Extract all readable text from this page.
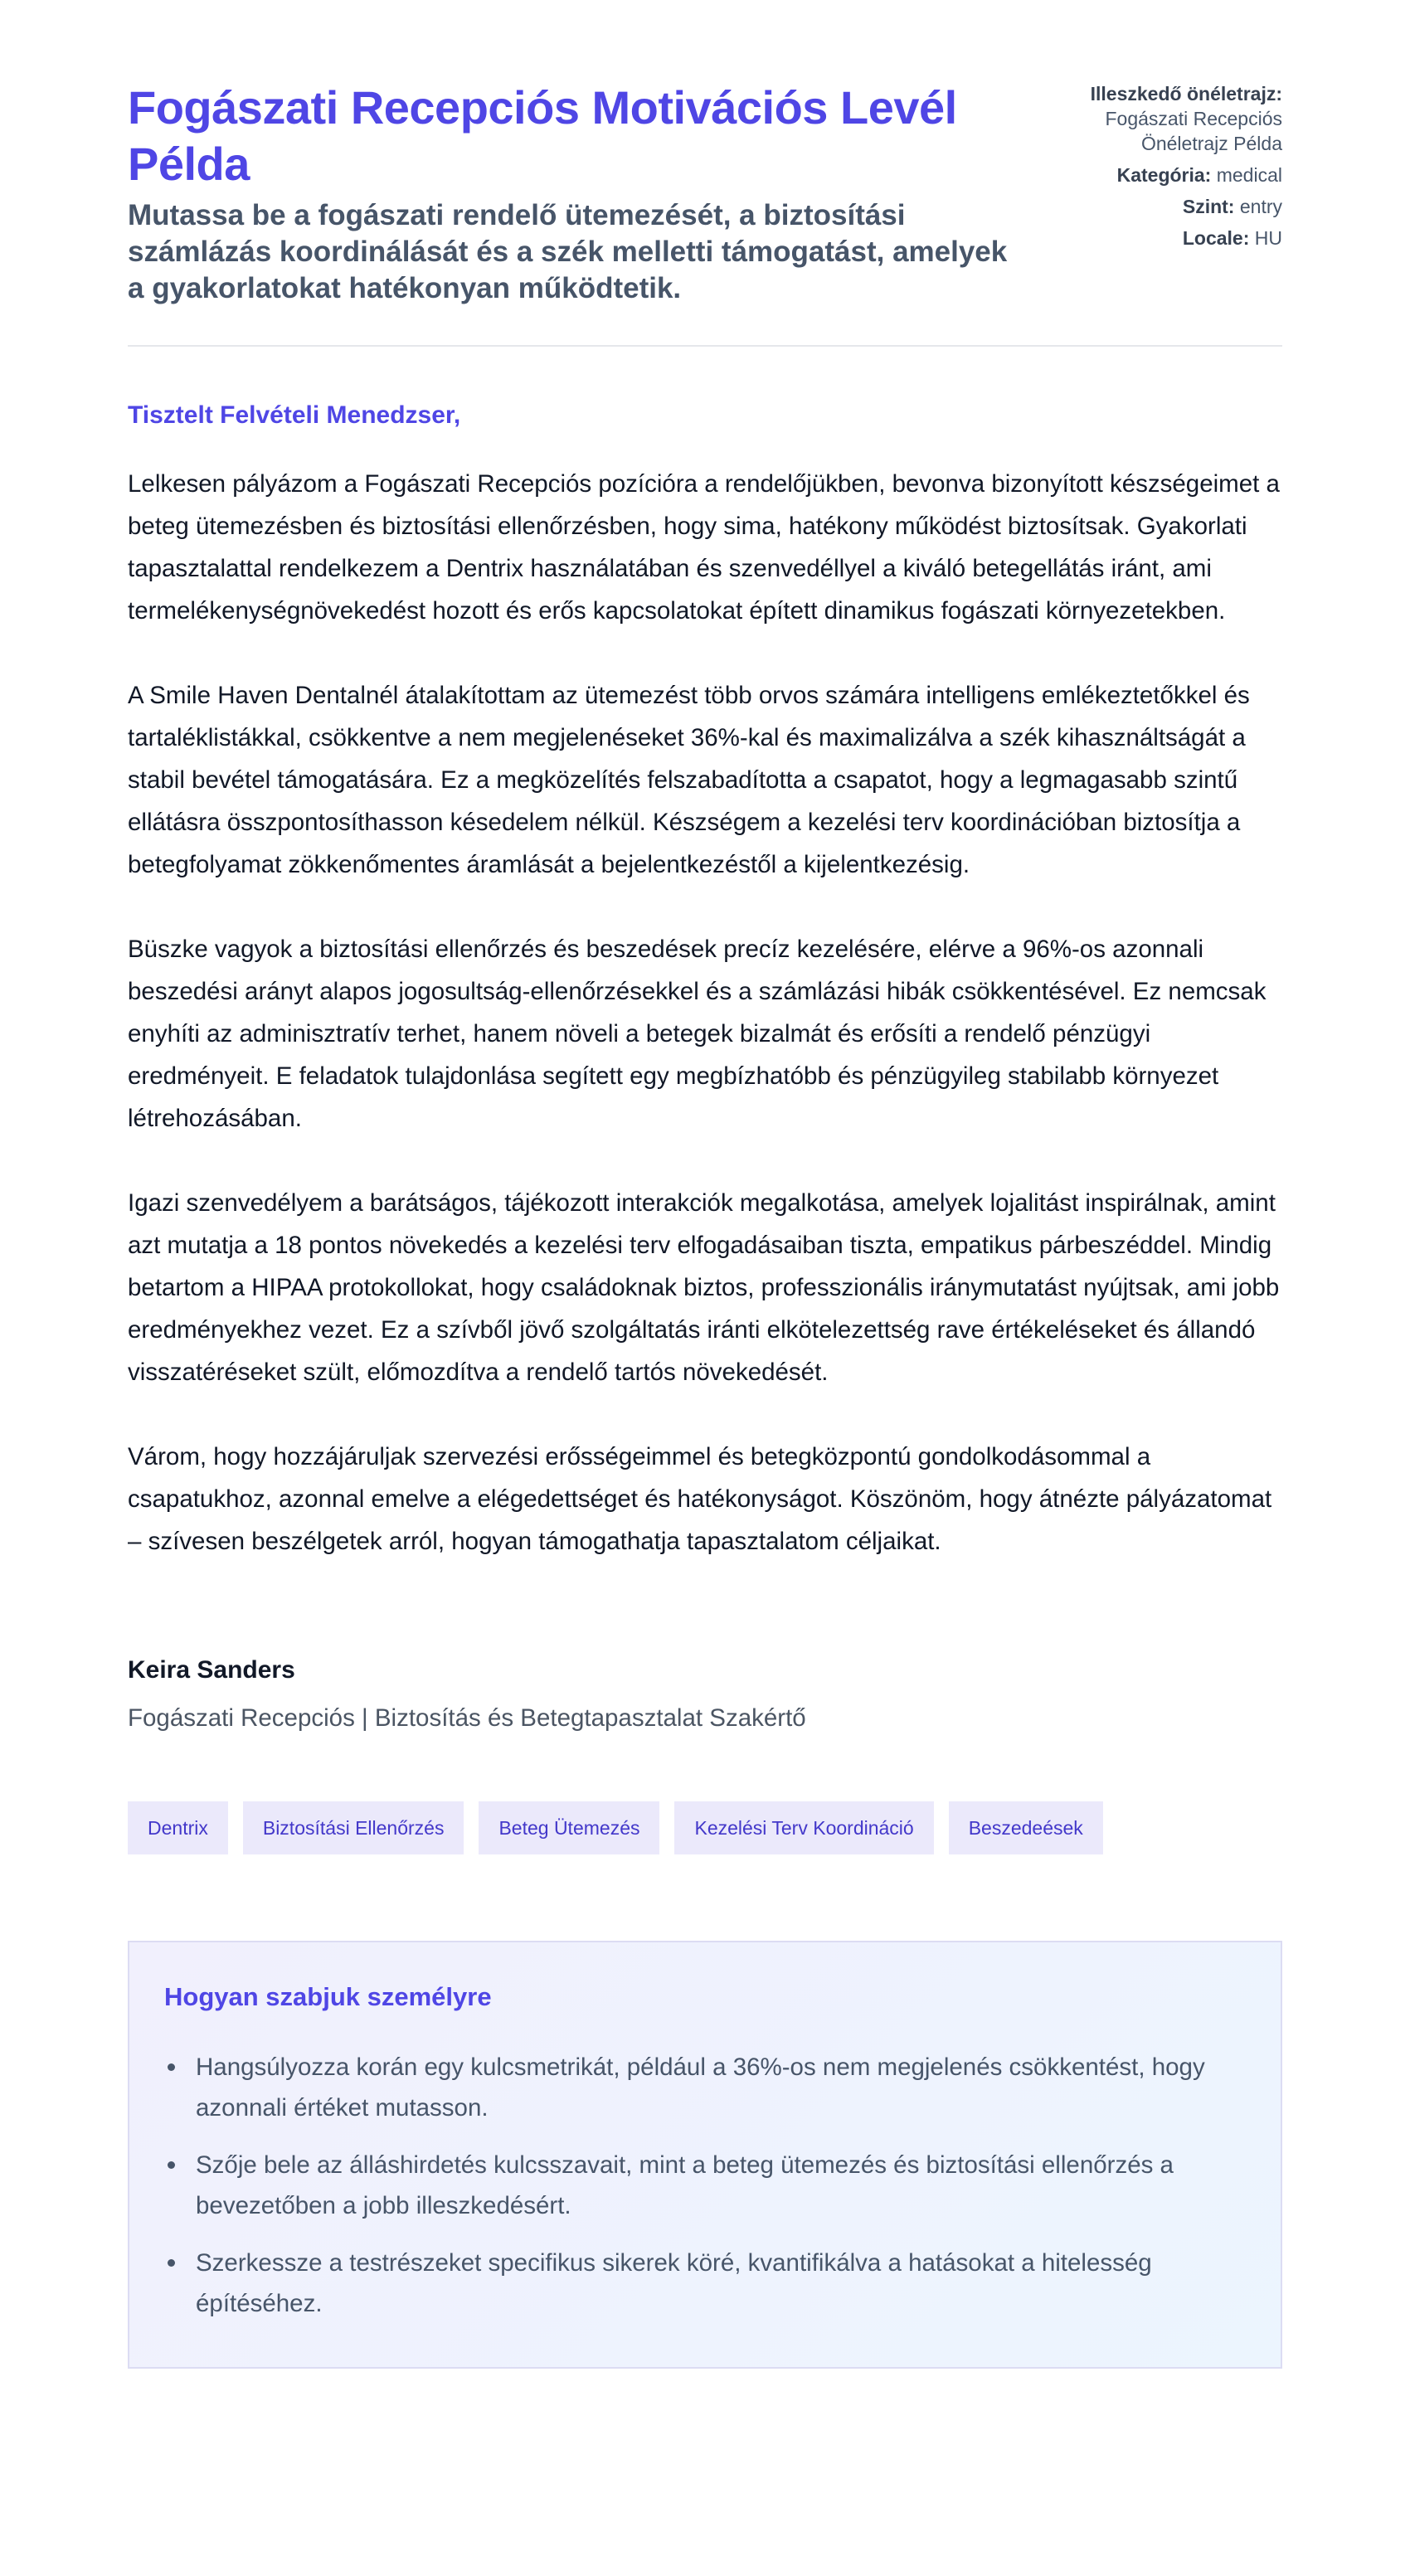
Fogászati Recepciós Motivációs Levél Példa
Mutassa be a fogászati rendelő ütemezését, a biztosítási számlázás koordinálását és a szék melletti támogatást, amelyek a gyakorlatokat hatékonyan működtetik.
Illeszkedő önéletrajz:
Fogászati Recepciós Önéletrajz Példa
Kategória: medical
Szint: entry
Locale: HU

Tisztelt Felvételi Menedzser,

Lelkesen pályázom a Fogászati Recepciós pozícióra a rendelőjükben, bevonva bizonyított készségeimet a beteg ütemezésben és biztosítási ellenőrzésben, hogy sima, hatékony működést biztosítsak. Gyakorlati tapasztalattal rendelkezem a Dentrix használatában és szenvedéllyel a kiváló betegellátás iránt, ami termelékenységnövekedést hozott és erős kapcsolatokat épített dinamikus fogászati környezetekben.

A Smile Haven Dentalnél átalakítottam az ütemezést több orvos számára intelligens emlékeztetőkkel és tartaléklistákkal, csökkentve a nem megjelenéseket 36%-kal és maximalizálva a szék kihasználtságát a stabil bevétel támogatására. Ez a megközelítés felszabadította a csapatot, hogy a legmagasabb szintű ellátásra összpontosíthasson késedelem nélkül. Készségem a kezelési terv koordinációban biztosítja a betegfolyamat zökkenőmentes áramlását a bejelentkezéstől a kijelentkezésig.

Büszke vagyok a biztosítási ellenőrzés és beszedések precíz kezelésére, elérve a 96%-os azonnali beszedési arányt alapos jogosultság-ellenőrzésekkel és a számlázási hibák csökkentésével. Ez nemcsak enyhíti az adminisztratív terhet, hanem növeli a betegek bizalmát és erősíti a rendelő pénzügyi eredményeit. E feladatok tulajdonlása segített egy megbízhatóbb és pénzügyileg stabilabb környezet létrehozásában.

Igazi szenvedélyem a barátságos, tájékozott interakciók megalkotása, amelyek lojalitást inspirálnak, amint azt mutatja a 18 pontos növekedés a kezelési terv elfogadásaiban tiszta, empatikus párbeszéddel. Mindig betartom a HIPAA protokollokat, hogy családoknak biztos, professzionális iránymutatást nyújtsak, ami jobb eredményekhez vezet. Ez a szívből jövő szolgáltatás iránti elkötelezettség rave értékeléseket és állandó visszatéréseket szült, előmozdítva a rendelő tartós növekedését.

Várom, hogy hozzájáruljak szervezési erősségeimmel és betegközpontú gondolkodásommal a csapatukhoz, azonnal emelve a elégedettséget és hatékonyságot. Köszönöm, hogy átnézte pályázatomat – szívesen beszélgetek arról, hogyan támogathatja tapasztalatom céljaikat.

Keira Sanders
Fogászati Recepciós | Biztosítás és Betegtapasztalat Szakértő
Dentrix	Biztosítási Ellenőrzés	Beteg Ütemezés	Kezelési Terv Koordináció	Beszedeések
Hogyan szabjuk személyre
Hangsúlyozza korán egy kulcsmetrikát, például a 36%-os nem megjelenés csökkentést, hogy azonnali értéket mutasson.
Szője bele az álláshirdetés kulcsszavait, mint a beteg ütemezés és biztosítási ellenőrzés a bevezetőben a jobb illeszkedésért.
Szerkessze a testrészeket specifikus sikerek köré, kvantifikálva a hatásokat a hitelesség építéséhez.
